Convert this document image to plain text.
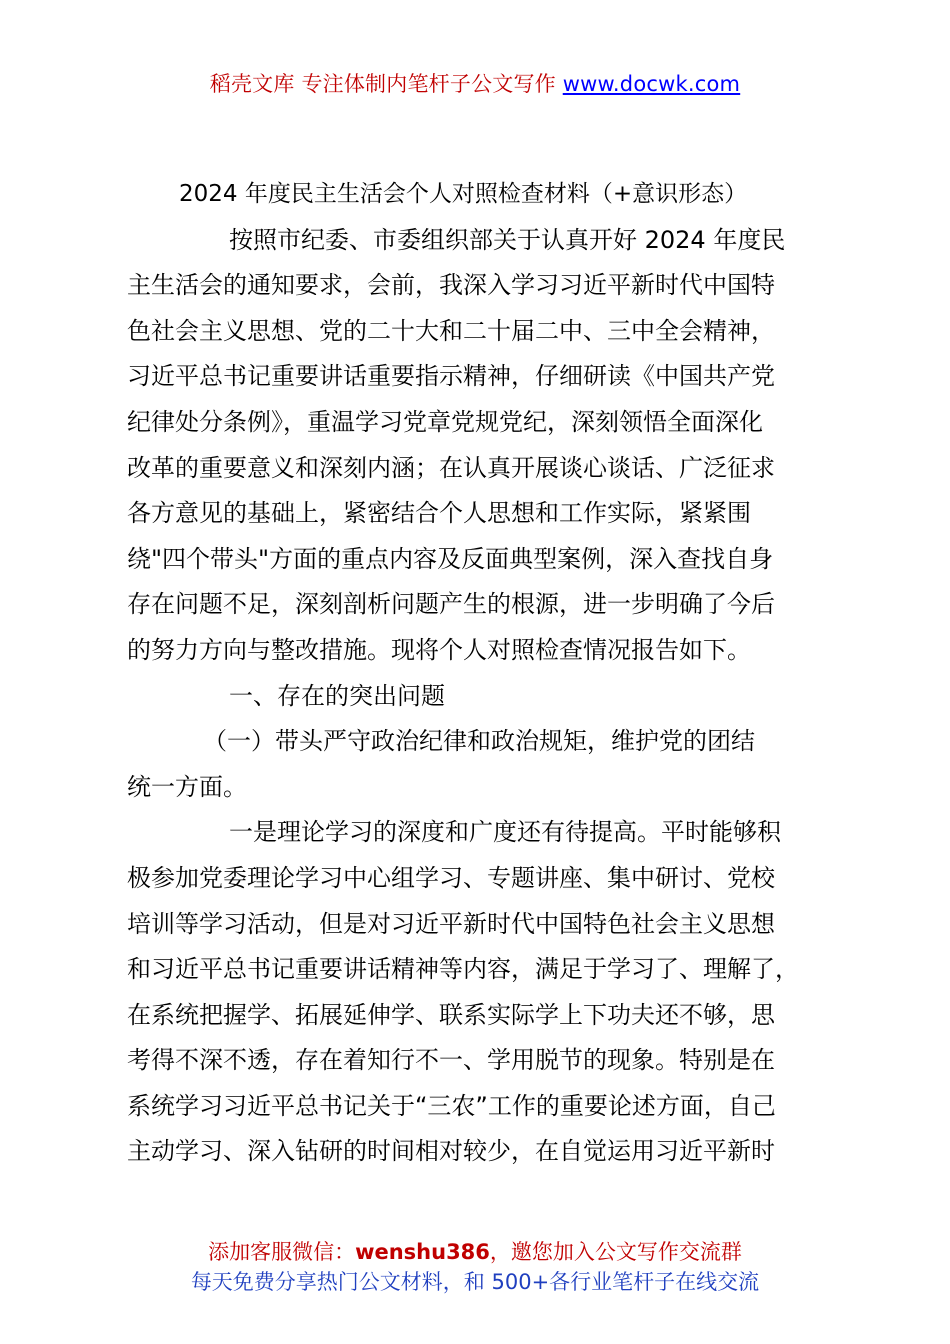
稻壳文库 专注体制内笔杆子公文写作 www.docwk.com
2024 年度民主生活会个人对照检查材料（+意识形态）
按照市纪委、市委组织部关于认真开好 2024 年度民
主生活会的通知要求，会前，我深入学习习近平新时代中国特
色社会主义思想、党的二十大和二十届二中、三中全会精神，
习近平总书记重要讲话重要指示精神，仔细研读《中国共产党
纪律处分条例》，重温学习党章党规党纪，深刻领悟全面深化
改革的重要意义和深刻内涵；在认真开展谈心谈话、广泛征求
各方意见的基础上，紧密结合个人思想和工作实际，紧紧围
绕"四个带头"方面的重点内容及反面典型案例，深入查找自身
存在问题不足，深刻剖析问题产生的根源，进一步明确了今后
的努力方向与整改措施。现将个人对照检查情况报告如下。
一、存在的突出问题
（一）带头严守政治纪律和政治规矩，维护党的团结
统一方面。
一是理论学习的深度和广度还有待提高。平时能够积
极参加党委理论学习中心组学习、专题讲座、集中研讨、党校
培训等学习活动，但是对习近平新时代中国特色社会主义思想
和习近平总书记重要讲话精神等内容，满足于学习了、理解了，
在系统把握学、拓展延伸学、联系实际学上下功夫还不够，思
考得不深不透，存在着知行不一、学用脱节的现象。特别是在
系统学习习近平总书记关于“三农”工作的重要论述方面，自己
主动学习、深入钻研的时间相对较少，在自觉运用习近平新时
添加客服微信：wenshu386，邀您加入公文写作交流群
每天免费分享热门公文材料，和 500+各行业笔杆子在线交流
